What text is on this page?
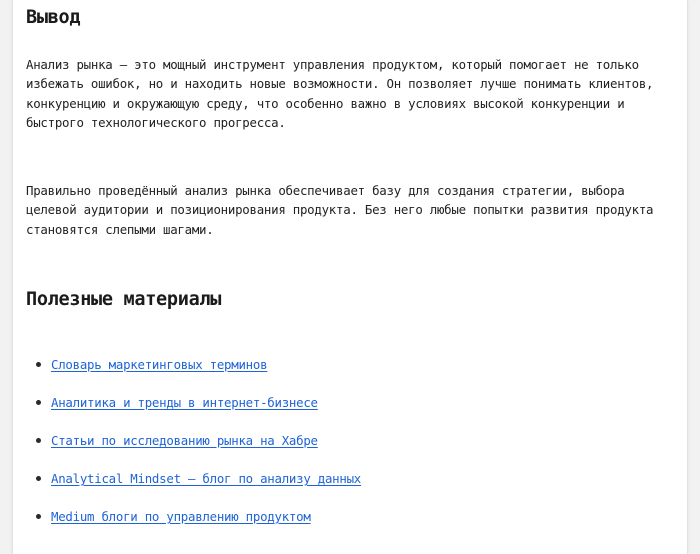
Вывод

Анализ рынка — это мощный инструмент управления продуктом, который помогает не только избежать ошибок, но и находить новые возможности. Он позволяет лучше понимать клиентов, конкуренцию и окружающую среду, что особенно важно в условиях высокой конкуренции и быстрого технологического прогресса.

Правильно проведённый анализ рынка обеспечивает базу для создания стратегии, выбора целевой аудитории и позиционирования продукта. Без него любые попытки развития продукта становятся слепыми шагами.

Полезные материалы
Словарь маркетинговых терминов
Аналитика и тренды в интернет-бизнесе
Статьи по исследованию рынка на Хабре
Analytical Mindset — блог по анализу данных
Medium блоги по управлению продуктом
